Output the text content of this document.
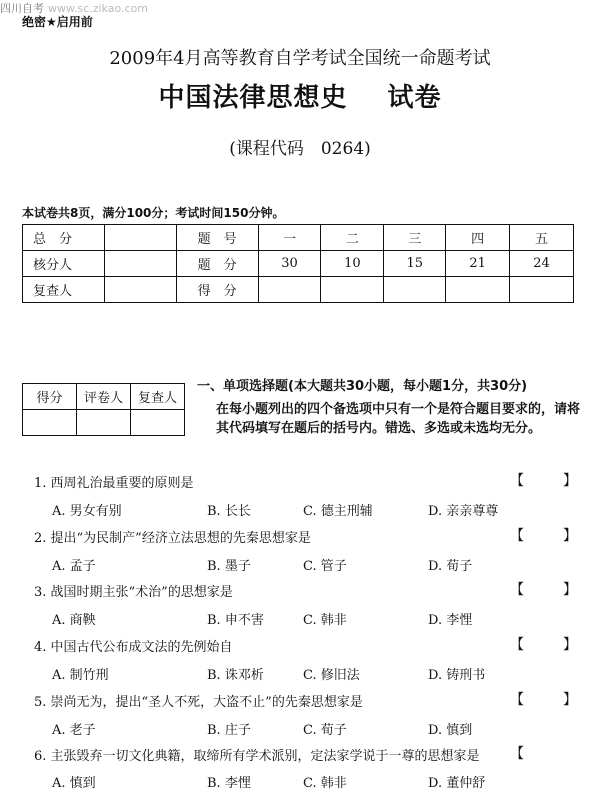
四川自考 www.sc.zikao.com
绝密★启用前
2009年4月高等教育自学考试全国统一命题考试
中国法律思想史 试卷
(课程代码　0264)
本试卷共8页，满分100分；考试时间150分钟。
总　分		题　号	一	二	三	四	五
核分人		题　分	30	10	15	21	24
复查人		得　分					
得分	评卷人	复查人

一、单项选择题(本大题共30小题，每小题1分，共30分)
在每小题列出的四个备选项中只有一个是符合题目要求的，请将其代码填写在题后的括号内。错选、多选或未选均无分。
1. 西周礼治最重要的原则是	【	】
A. 男女有别	B. 长长	C. 德主刑辅	D. 亲亲尊尊
2. 提出“为民制产”经济立法思想的先秦思想家是	【	】
A. 孟子	B. 墨子	C. 管子	D. 荀子
3. 战国时期主张“术治”的思想家是	【	】
A. 商鞅	B. 申不害	C. 韩非	D. 李悝
4. 中国古代公布成文法的先例始自	【	】
A. 制竹刑	B. 诛邓析	C. 修旧法	D. 铸刑书
5. 崇尚无为，提出“圣人不死，大盗不止”的先秦思想家是	【	】
A. 老子	B. 庄子	C. 荀子	D. 慎到
6. 主张毁弃一切文化典籍，取缔所有学术派别，定法家学说于一尊的思想家是 【
A. 慎到	B. 李悝	C. 韩非	D. 董仲舒
